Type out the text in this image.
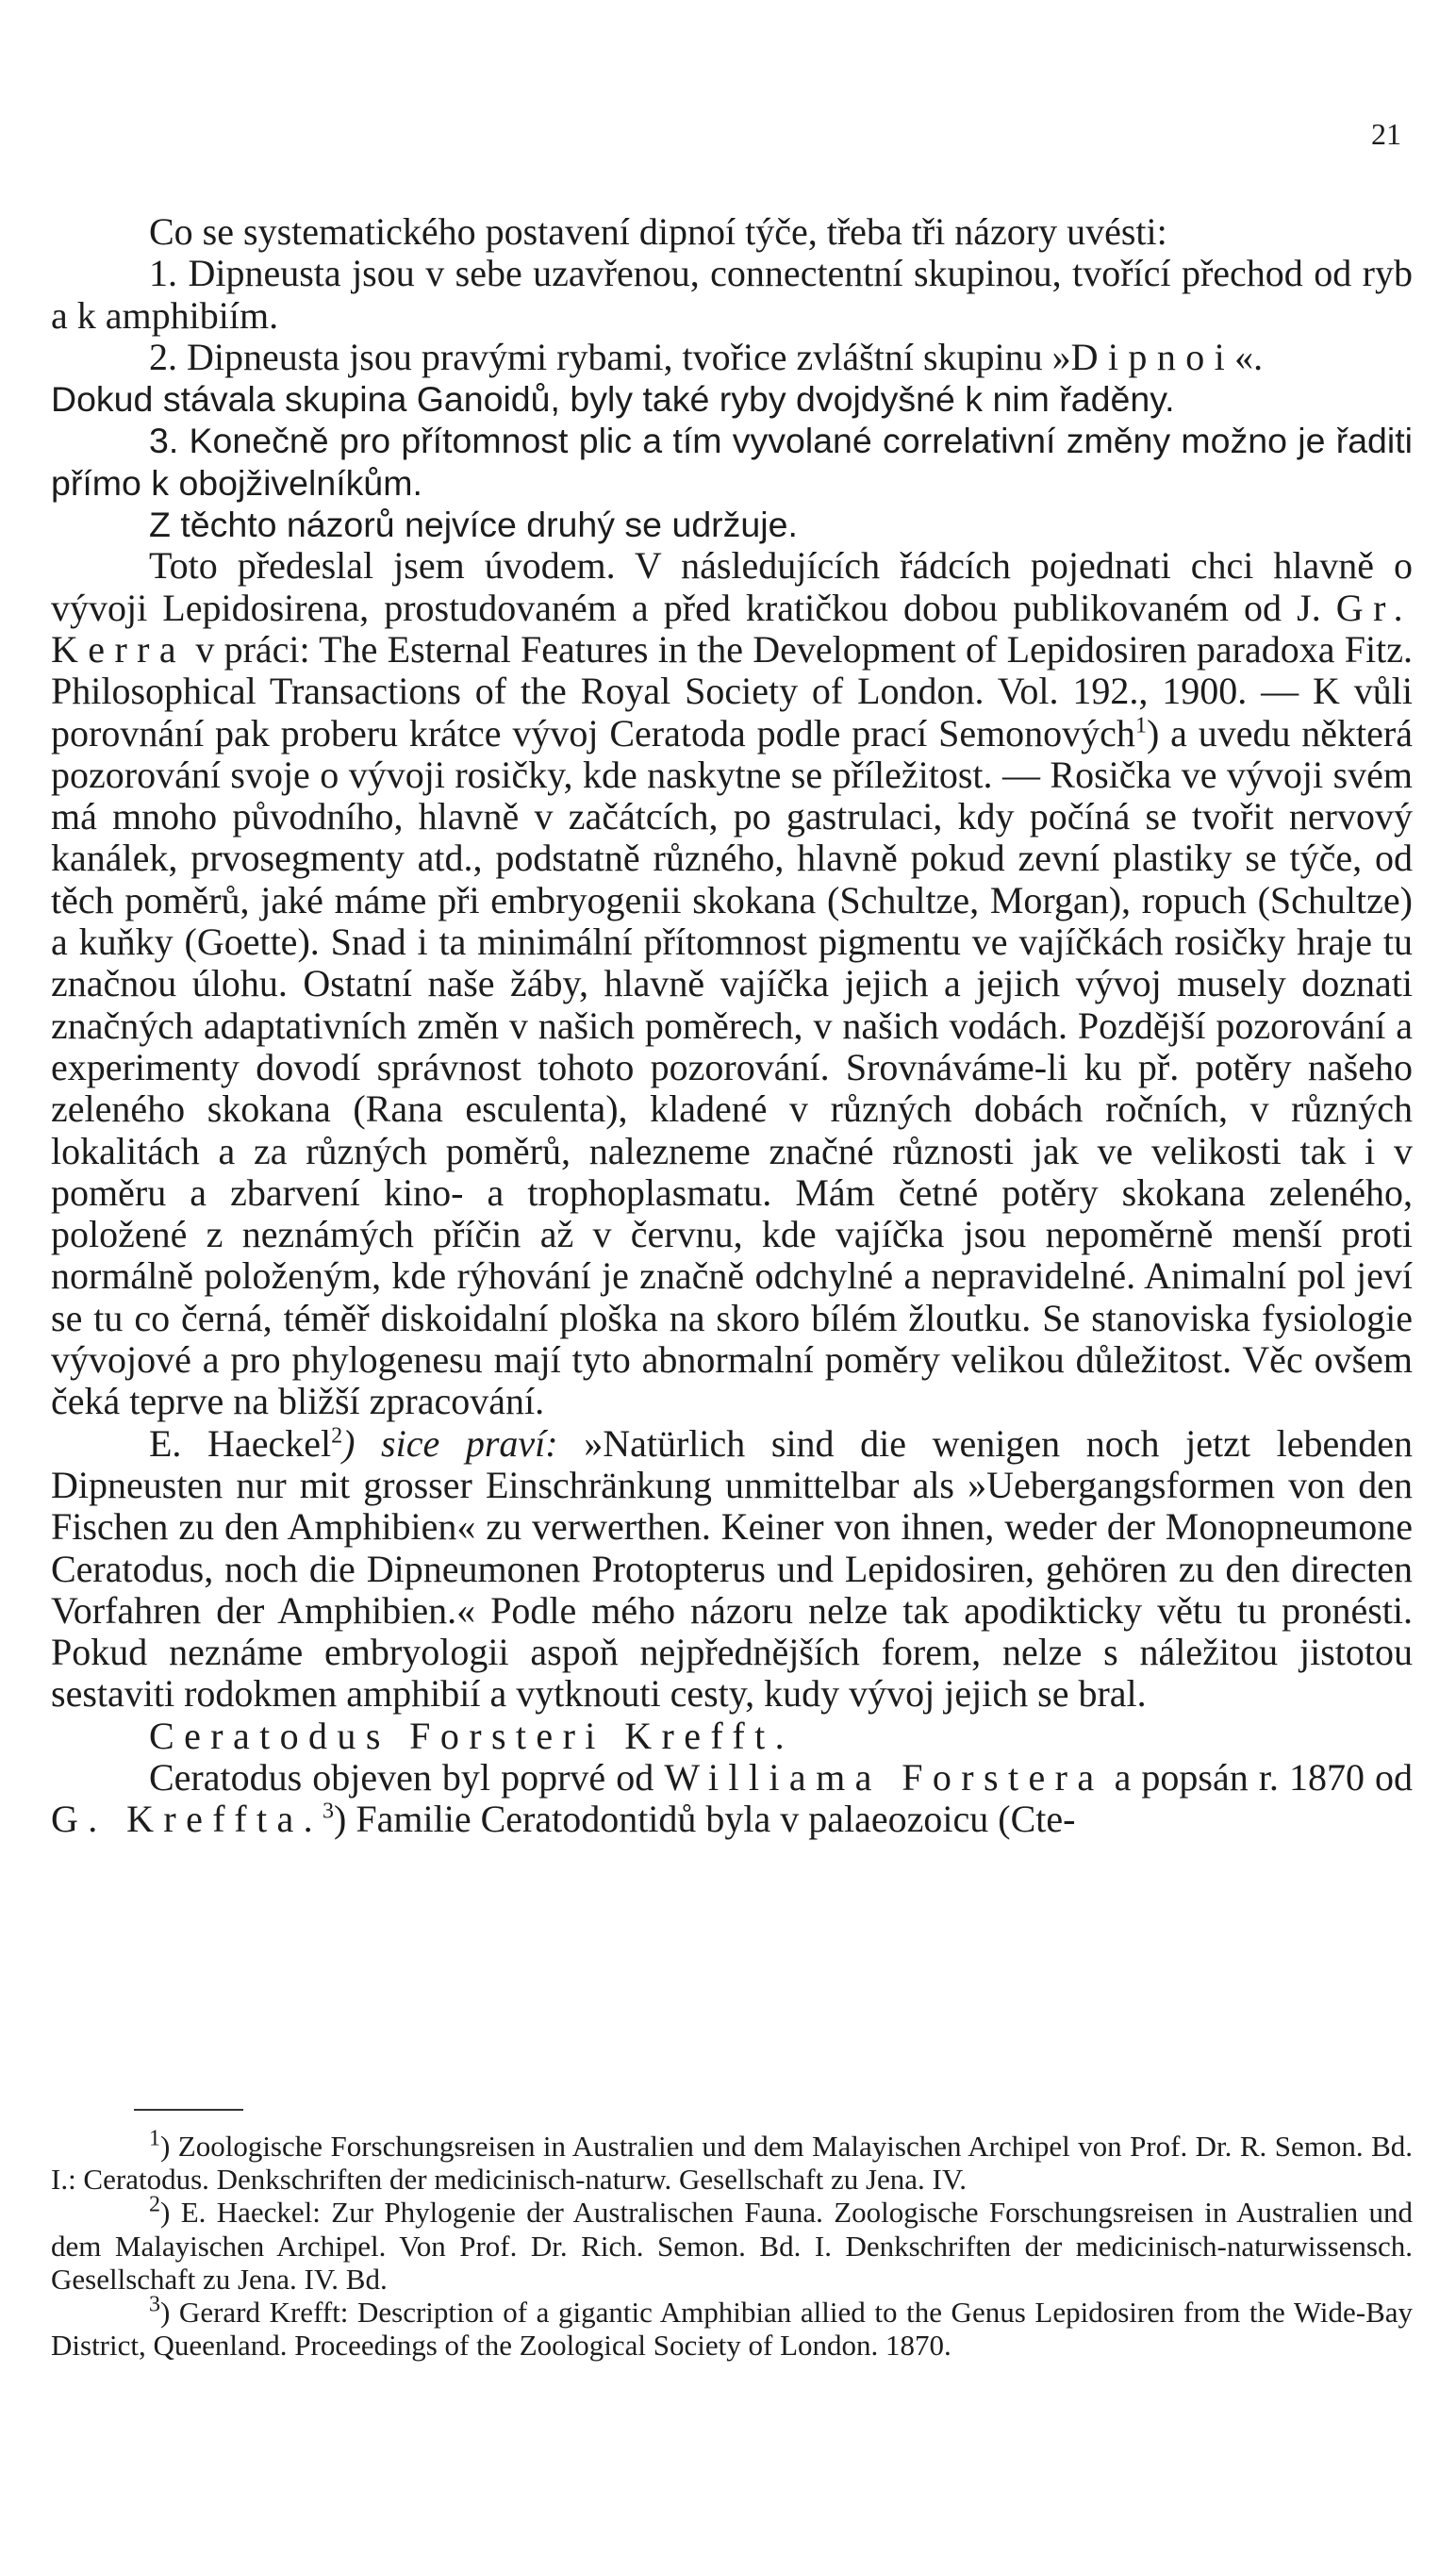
21

Co se systematického postavení dipnoí týče, třeba tři názory uvésti:

1. Dipneusta jsou v sebe uzavřenou, connectentní skupinou, tvořící přechod od ryb a k amphibiím.

2. Dipneusta jsou pravými rybami, tvořice zvláštní skupinu »Dipnoi«.

Dokud stávala skupina Ganoidů, byly také ryby dvojdyšné k nim řaděny.

3. Konečně pro přítomnost plic a tím vyvolané correlativní změny možno je řaditi přímo k obojživelníkům.

Z těchto názorů nejvíce druhý se udržuje.

Toto předeslal jsem úvodem. V následujících řádcích pojednati chci hlavně o vývoji Lepidosirena, prostudovaném a před kratičkou dobou publikovaném od J. Gr. Kerra v práci: The Esternal Features in the Development of Lepidosiren paradoxa Fitz. Philosophical Transactions of the Royal Society of London. Vol. 192., 1900. — K vůli porovnání pak proberu krátce vývoj Ceratoda podle prací Semonových$^1$) a uvedu některá pozorování svoje o vývoji rosičky, kde naskytne se příležitost. — Rosička ve vývoji svém má mnoho původního, hlavně v začátcích, po gastrulaci, kdy počíná se tvořit nervový kanálek, prvosegmenty atd., podstatně různého, hlavně pokud zevní plastiky se týče, od těch poměrů, jaké máme při embryogenii skokana (Schultze, Morgan), ropuch (Schultze) a kuňky (Goette). Snad i ta minimální přítomnost pigmentu ve vajíčkách rosičky hraje tu značnou úlohu. Ostatní naše žáby, hlavně vajíčka jejich a jejich vývoj musely doznati značných adaptativních změn v našich poměrech, v našich vodách. Pozdější pozorování a experimenty dovodí správnost tohoto pozorování. Srovnáváme-li ku př. potěry našeho zeleného skokana (Rana esculenta), kladené v různých dobách ročních, v různých lokalitách a za různých poměrů, nalezneme značné různosti jak ve velikosti tak i v poměru a zbarvení kino- a trophoplasmatu. Mám četné potěry skokana zeleného, položené z neznámých příčin až v červnu, kde vajíčka jsou nepoměrně menší proti normálně položeným, kde rýhování je značně odchylné a nepravidelné. Animalní pol jeví se tu co černá, téměř diskoidalní ploška na skoro bílém žloutku. Se stanoviska fysiologie vývojové a pro phylogenesu mají tyto abnormalní poměry velikou důležitost. Věc ovšem čeká teprve na bližší zpracování.

E. Haeckel$^2$) sice praví: »Natürlich sind die wenigen noch jetzt lebenden Dipneusten nur mit grosser Einschränkung unmittelbar als »Uebergangsformen von den Fischen zu den Amphibien« zu verwerthen. Keiner von ihnen, weder der Monopneumone Ceratodus, noch die Dipneumonen Protopterus und Lepidosiren, gehören zu den directen Vorfahren der Amphibien.« Podle mého názoru nelze tak apodikticky větu tu pronésti. Pokud neznáme embryologii aspoň nejpřednějších forem, nelze s náležitou jistotou sestaviti rodokmen amphibií a vytknouti cesty, kudy vývoj jejich se bral.

Ceratodus Forsteri Krefft.

Ceratodus objeven byl poprvé od Williama Forstera a popsán r. 1870 od G. Kreffta.$^3$) Familie Ceratodontidů byla v palaeozoicu (Cte-

$^1$) Zoologische Forschungsreisen in Australien und dem Malayischen Archipel von Prof. Dr. R. Semon. Bd. I.: Ceratodus. Denkschriften der medicinisch-naturw. Gesellschaft zu Jena. IV.

$^2$) E. Haeckel: Zur Phylogenie der Australischen Fauna. Zoologische Forschungsreisen in Australien und dem Malayischen Archipel. Von Prof. Dr. Rich. Semon. Bd. I. Denkschriften der medicinisch-naturwissensch. Gesellschaft zu Jena. IV. Bd.

$^3$) Gerard Krefft: Description of a gigantic Amphibian allied to the Genus Lepidosiren from the Wide-Bay District, Queenland. Proceedings of the Zoological Society of London. 1870.
